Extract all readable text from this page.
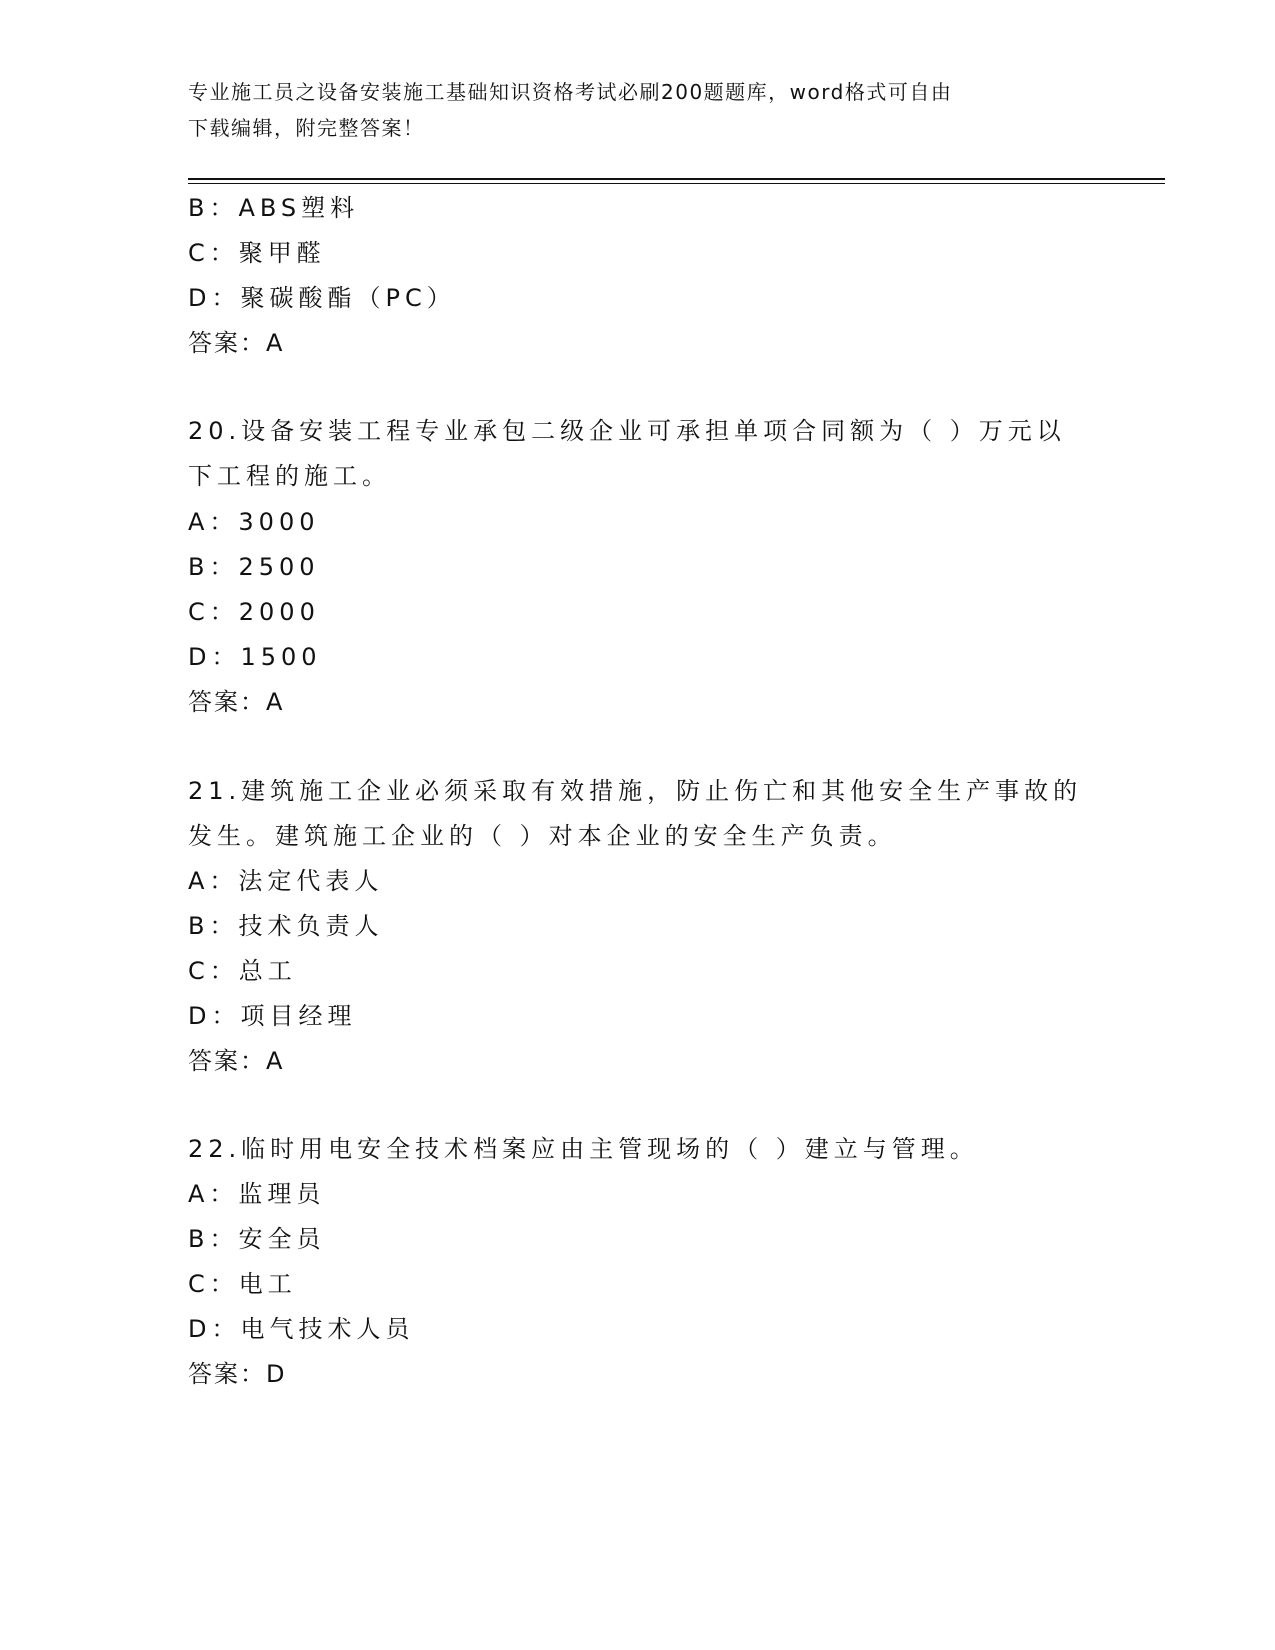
专业施工员之设备安装施工基础知识资格考试必刷200题题库，word格式可自由
下载编辑，附完整答案！
B：ABS塑料
C：聚甲醛
D：聚碳酸酯（PC）
答案：A
20.设备安装工程专业承包二级企业可承担单项合同额为（ ）万元以
下工程的施工。
A：3000
B：2500
C：2000
D：1500
答案：A
21.建筑施工企业必须采取有效措施，防止伤亡和其他安全生产事故的
发生。建筑施工企业的（ ）对本企业的安全生产负责。
A：法定代表人
B：技术负责人
C：总工
D：项目经理
答案：A
22.临时用电安全技术档案应由主管现场的（ ）建立与管理。
A：监理员
B：安全员
C：电工
D：电气技术人员
答案：D
